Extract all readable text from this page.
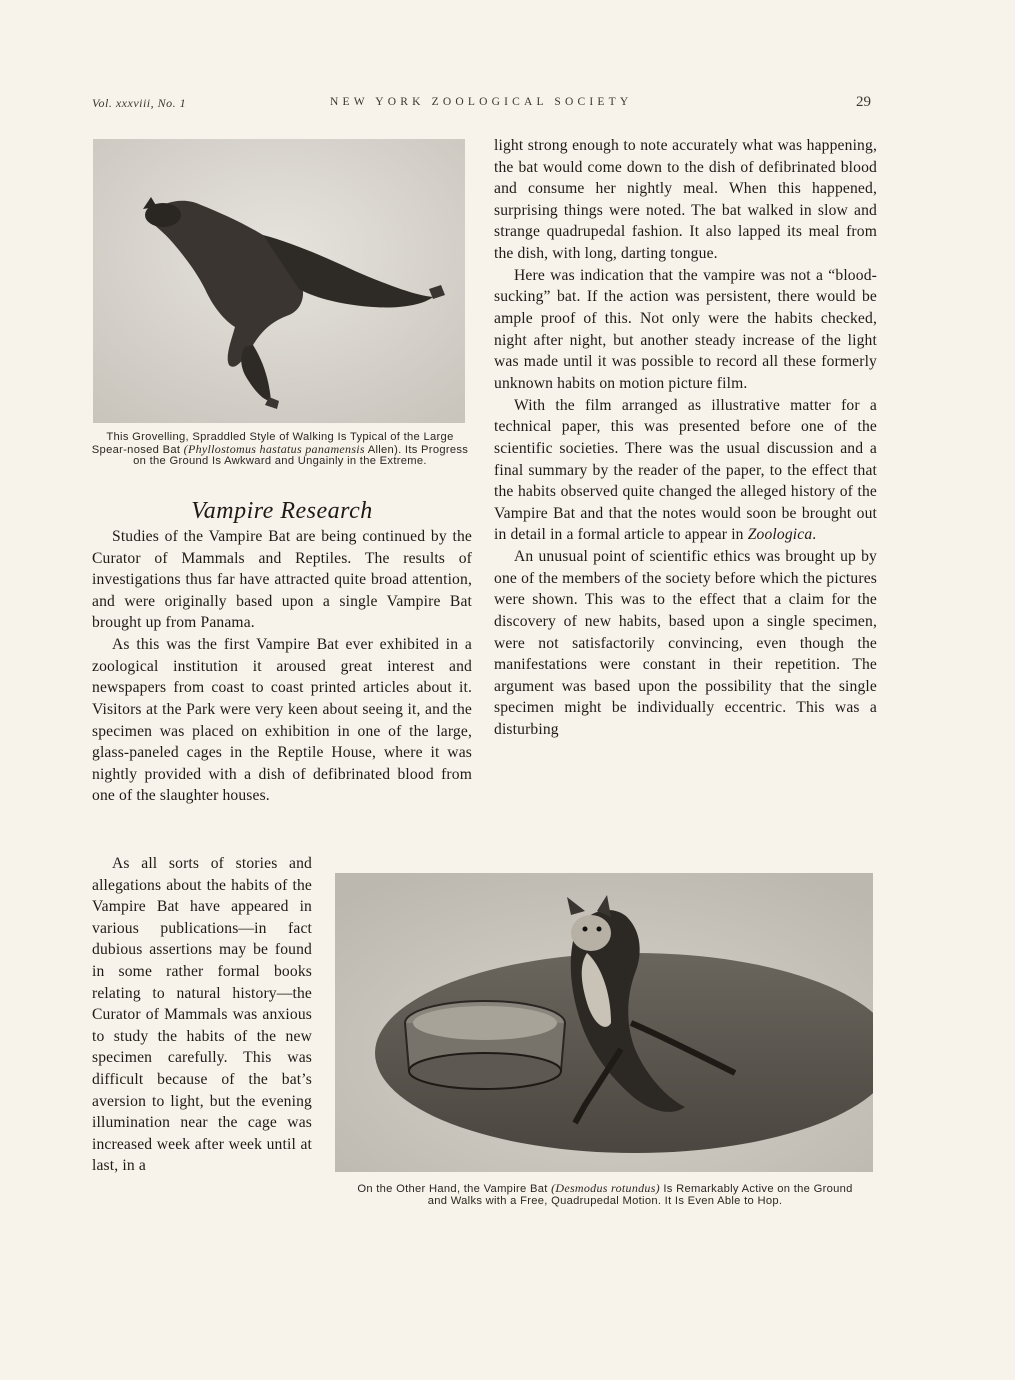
Vol. xxxviii, No. 1	NEW YORK ZOOLOGICAL SOCIETY	29
This Grovelling, Spraddled Style of Walking Is Typical of the Large Spear-nosed Bat (Phyllostomus hastatus panamensis Allen). Its Progress on the Ground Is Awkward and Ungainly in the Extreme.
Vampire Research

Studies of the Vampire Bat are being continued by the Curator of Mammals and Reptiles. The results of investigations thus far have attracted quite broad attention, and were originally based upon a single Vampire Bat brought up from Panama.

As this was the first Vampire Bat ever exhibited in a zoological institution it aroused great interest and newspapers from coast to coast printed articles about it. Visitors at the Park were very keen about seeing it, and the specimen was placed on exhibition in one of the large, glass-paneled cages in the Reptile House, where it was nightly provided with a dish of defibrinated blood from one of the slaughter houses.

As all sorts of stories and allegations about the habits of the Vampire Bat have appeared in various publications—in fact dubious assertions may be found in some rather formal books relating to natural history—the Curator of Mammals was anxious to study the habits of the new specimen carefully. This was difficult because of the bat’s aversion to light, but the evening illumination near the cage was increased week after week until at last, in a

light strong enough to note accurately what was happening, the bat would come down to the dish of defibrinated blood and consume her nightly meal. When this happened, surprising things were noted. The bat walked in slow and strange quadrupedal fashion. It also lapped its meal from the dish, with long, darting tongue.

Here was indication that the vampire was not a “blood-sucking” bat. If the action was persistent, there would be ample proof of this. Not only were the habits checked, night after night, but another steady increase of the light was made until it was possible to record all these formerly unknown habits on motion picture film.

With the film arranged as illustrative matter for a technical paper, this was presented before one of the scientific societies. There was the usual discussion and a final summary by the reader of the paper, to the effect that the habits observed quite changed the alleged history of the Vampire Bat and that the notes would soon be brought out in detail in a formal article to appear in Zoologica.

An unusual point of scientific ethics was brought up by one of the members of the society before which the pictures were shown. This was to the effect that a claim for the discovery of new habits, based upon a single specimen, were not satisfactorily convincing, even though the manifestations were constant in their repetition. The argument was based upon the possibility that the single specimen might be individually eccentric. This was a disturbing

On the Other Hand, the Vampire Bat (Desmodus rotundus) Is Remarkably Active on the Ground and Walks with a Free, Quadrupedal Motion. It Is Even Able to Hop.
